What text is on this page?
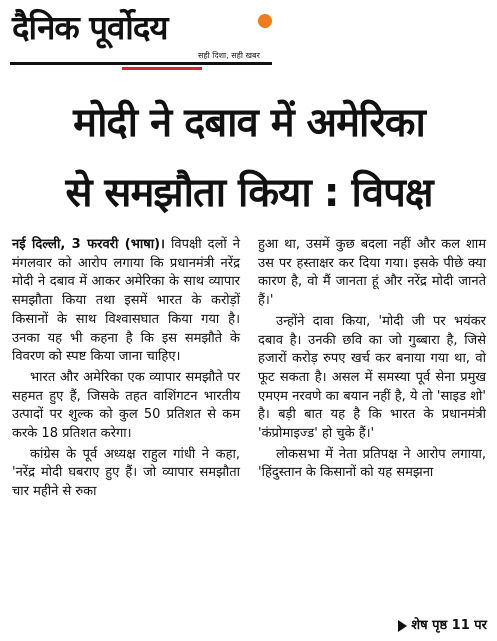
दैनिक पूर्वोदय
सही दिशा, सही खबर
मोदी ने दबाव में अमेरिका
से समझौता किया : विपक्ष

नई दिल्ली, 3 फरवरी (भाषा)। विपक्षी दलों ने मंगलवार को आरोप लगाया कि प्रधानमंत्री नरेंद्र मोदी ने दबाव में आकर अमेरिका के साथ व्यापार समझौता किया तथा इसमें भारत के करोड़ों किसानों के साथ विश्वासघात किया गया है। उनका यह भी कहना है कि इस समझौते के विवरण को स्पष्ट किया जाना चाहिए।

भारत और अमेरिका एक व्यापार समझौते पर सहमत हुए हैं, जिसके तहत वाशिंगटन भारतीय उत्पादों पर शुल्क को कुल 50 प्रतिशत से कम करके 18 प्रतिशत करेगा।

कांग्रेस के पूर्व अध्यक्ष राहुल गांधी ने कहा, 'नरेंद्र मोदी घबराए हुए हैं। जो व्यापार समझौता चार महीने से रुका

हुआ था, उसमें कुछ बदला नहीं और कल शाम उस पर हस्ताक्षर कर दिया गया। इसके पीछे क्या कारण है, वो मैं जानता हूं और नरेंद्र मोदी जानते हैं।'

उन्होंने दावा किया, 'मोदी जी पर भयंकर दबाव है। उनकी छवि का जो गुब्बारा है, जिसे हजारों करोड़ रुपए खर्च कर बनाया गया था, वो फूट सकता है। असल में समस्या पूर्व सेना प्रमुख एमएम नरवणे का बयान नहीं है, ये तो 'साइड शो' है। बड़ी बात यह है कि भारत के प्रधानमंत्री 'कंप्रोमाइज्ड' हो चुके हैं।'

लोकसभा में नेता प्रतिपक्ष ने आरोप लगाया, 'हिंदुस्तान के किसानों को यह समझना

शेष पृष्ठ 11 पर
